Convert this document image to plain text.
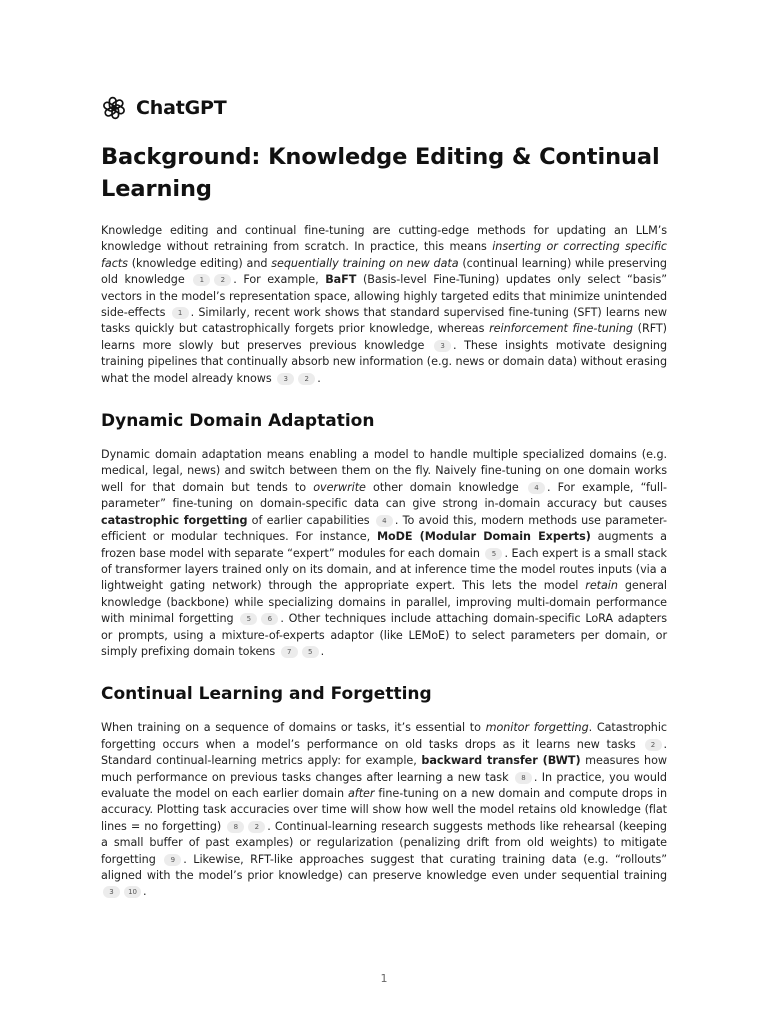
ChatGPT
Background: Knowledge Editing & Continual Learning

Knowledge editing and continual fine-tuning are cutting-edge methods for updating an LLM’s knowledge without retraining from scratch. In practice, this means inserting or correcting specific facts (knowledge editing) and sequentially training on new data (continual learning) while preserving old knowledge 1 2 . For example, BaFT (Basis-level Fine-Tuning) updates only select “basis” vectors in the model’s representation space, allowing highly targeted edits that minimize unintended side-effects 1 . Similarly, recent work shows that standard supervised fine-tuning (SFT) learns new tasks quickly but catastrophically forgets prior knowledge, whereas reinforcement fine-tuning (RFT) learns more slowly but preserves previous knowledge 3 . These insights motivate designing training pipelines that continually absorb new information (e.g. news or domain data) without erasing what the model already knows 3 2 .

Dynamic Domain Adaptation

Dynamic domain adaptation means enabling a model to handle multiple specialized domains (e.g. medical, legal, news) and switch between them on the fly. Naively fine-tuning on one domain works well for that domain but tends to overwrite other domain knowledge 4 . For example, “full-parameter” fine-tuning on domain-specific data can give strong in-domain accuracy but causes catastrophic forgetting of earlier capabilities 4 . To avoid this, modern methods use parameter-efficient or modular techniques. For instance, MoDE (Modular Domain Experts) augments a frozen base model with separate “expert” modules for each domain 5 . Each expert is a small stack of transformer layers trained only on its domain, and at inference time the model routes inputs (via a lightweight gating network) through the appropriate expert. This lets the model retain general knowledge (backbone) while specializing domains in parallel, improving multi-domain performance with minimal forgetting 5 6 . Other techniques include attaching domain-specific LoRA adapters or prompts, using a mixture-of-experts adaptor (like LEMoE) to select parameters per domain, or simply prefixing domain tokens 7 5 .

Continual Learning and Forgetting

When training on a sequence of domains or tasks, it’s essential to monitor forgetting. Catastrophic forgetting occurs when a model’s performance on old tasks drops as it learns new tasks 2 . Standard continual-learning metrics apply: for example, backward transfer (BWT) measures how much performance on previous tasks changes after learning a new task 8 . In practice, you would evaluate the model on each earlier domain after fine-tuning on a new domain and compute drops in accuracy. Plotting task accuracies over time will show how well the model retains old knowledge (flat lines = no forgetting) 8 2 . Continual-learning research suggests methods like rehearsal (keeping a small buffer of past examples) or regularization (penalizing drift from old weights) to mitigate forgetting 9 . Likewise, RFT-like approaches suggest that curating training data (e.g. “rollouts” aligned with the model’s prior knowledge) can preserve knowledge even under sequential training 3 10 .

1
